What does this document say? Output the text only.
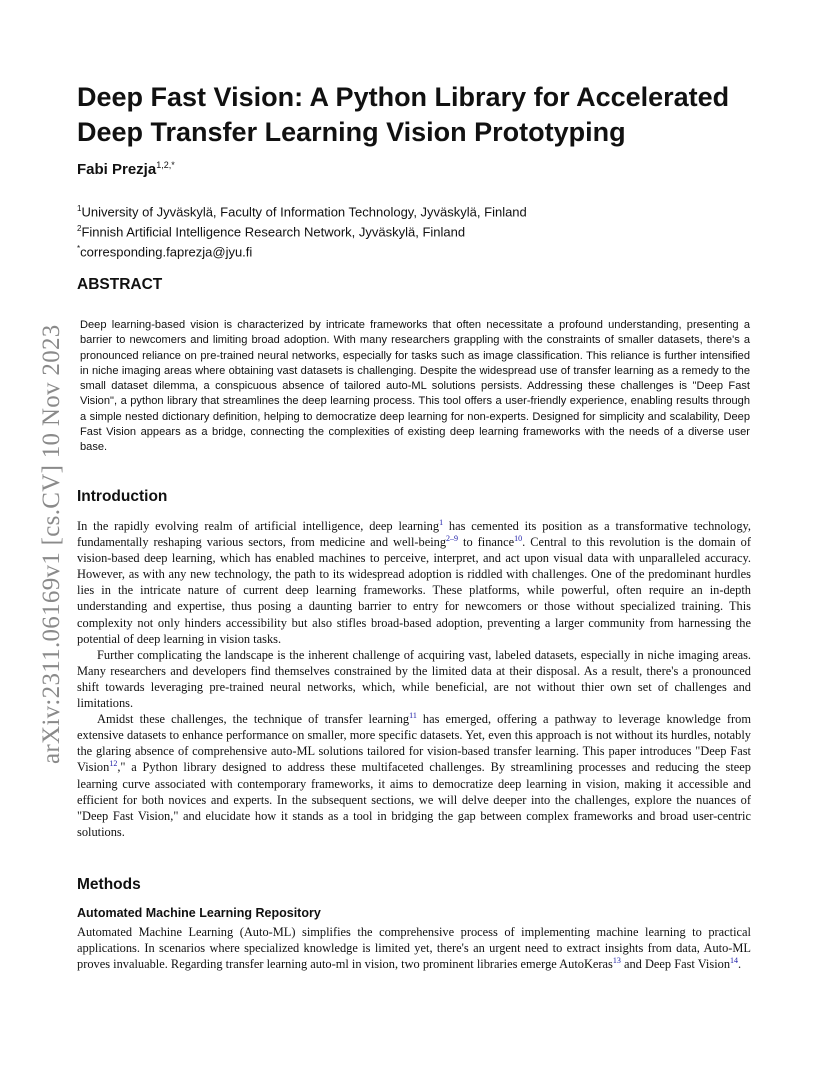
arXiv:2311.06169v1 [cs.CV] 10 Nov 2023
Deep Fast Vision: A Python Library for Accelerated Deep Transfer Learning Vision Prototyping
Fabi Prezja$^{1,2,*}$
$^1$University of Jyväskylä, Faculty of Information Technology, Jyväskylä, Finland
$^2$Finnish Artificial Intelligence Research Network, Jyväskylä, Finland
*corresponding.faprezja@jyu.fi
ABSTRACT

Deep learning-based vision is characterized by intricate frameworks that often necessitate a profound understanding, presenting a barrier to newcomers and limiting broad adoption. With many researchers grappling with the constraints of smaller datasets, there's a pronounced reliance on pre-trained neural networks, especially for tasks such as image classification. This reliance is further intensified in niche imaging areas where obtaining vast datasets is challenging. Despite the widespread use of transfer learning as a remedy to the small dataset dilemma, a conspicuous absence of tailored auto-ML solutions persists. Addressing these challenges is "Deep Fast Vision", a python library that streamlines the deep learning process. This tool offers a user-friendly experience, enabling results through a simple nested dictionary definition, helping to democratize deep learning for non-experts. Designed for simplicity and scalability, Deep Fast Vision appears as a bridge, connecting the complexities of existing deep learning frameworks with the needs of a diverse user base.

Introduction

In the rapidly evolving realm of artificial intelligence, deep learning$^1$ has cemented its position as a transformative technology, fundamentally reshaping various sectors, from medicine and well-being$^{2-9}$ to finance$^{10}$. Central to this revolution is the domain of vision-based deep learning, which has enabled machines to perceive, interpret, and act upon visual data with unparalleled accuracy. However, as with any new technology, the path to its widespread adoption is riddled with challenges. One of the predominant hurdles lies in the intricate nature of current deep learning frameworks. These platforms, while powerful, often require an in-depth understanding and expertise, thus posing a daunting barrier to entry for newcomers or those without specialized training. This complexity not only hinders accessibility but also stifles broad-based adoption, preventing a larger community from harnessing the potential of deep learning in vision tasks.

Further complicating the landscape is the inherent challenge of acquiring vast, labeled datasets, especially in niche imaging areas. Many researchers and developers find themselves constrained by the limited data at their disposal. As a result, there's a pronounced shift towards leveraging pre-trained neural networks, which, while beneficial, are not without thier own set of challenges and limitations.

Amidst these challenges, the technique of transfer learning$^{11}$ has emerged, offering a pathway to leverage knowledge from extensive datasets to enhance performance on smaller, more specific datasets. Yet, even this approach is not without its hurdles, notably the glaring absence of comprehensive auto-ML solutions tailored for vision-based transfer learning. This paper introduces "Deep Fast Vision$^{12}$," a Python library designed to address these multifaceted challenges. By streamlining processes and reducing the steep learning curve associated with contemporary frameworks, it aims to democratize deep learning in vision, making it accessible and efficient for both novices and experts. In the subsequent sections, we will delve deeper into the challenges, explore the nuances of "Deep Fast Vision," and elucidate how it stands as a tool in bridging the gap between complex frameworks and broad user-centric solutions.

Methods
Automated Machine Learning Repository

Automated Machine Learning (Auto-ML) simplifies the comprehensive process of implementing machine learning to practical applications. In scenarios where specialized knowledge is limited yet, there's an urgent need to extract insights from data, Auto-ML proves invaluable. Regarding transfer learning auto-ml in vision, two prominent libraries emerge AutoKeras$^{13}$ and Deep Fast Vision$^{14}$.
